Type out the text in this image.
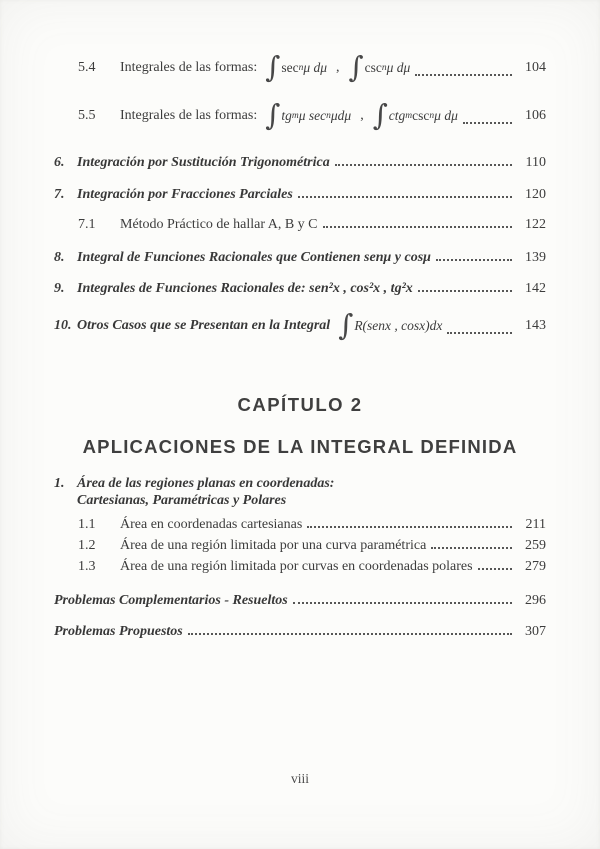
5.4	Integrales de las formas: ∫ sec n μ dμ , ∫ csc n μ dμ	104
5.5	Integrales de las formas: ∫ tg m μ sec n μdμ , ∫ ctg m csc n μ dμ	106
6. Integración por Sustitución Trigonométrica	110
7. Integración por Fracciones Parciales	120
7.1	Método Práctico de hallar A, B y C	122
8. Integral de Funciones Racionales que Contienen senμ y cosμ	139
9. Integrales de Funciones Racionales de: sen²x , cos²x , tg²x	142
10. Otros Casos que se Presentan en la Integral ∫ R(senx , cosx)dx	143
CAPÍTULO 2
APLICACIONES DE LA INTEGRAL DEFINIDA
1. Área de las regiones planas en coordenadas:
Cartesianas, Paramétricas y Polares
1.1	Área en coordenadas cartesianas	211
1.2	Área de una región limitada por una curva paramétrica	259
1.3	Área de una región limitada por curvas en coordenadas polares	279
Problemas Complementarios - Resueltos	296
Problemas Propuestos	307
viii
